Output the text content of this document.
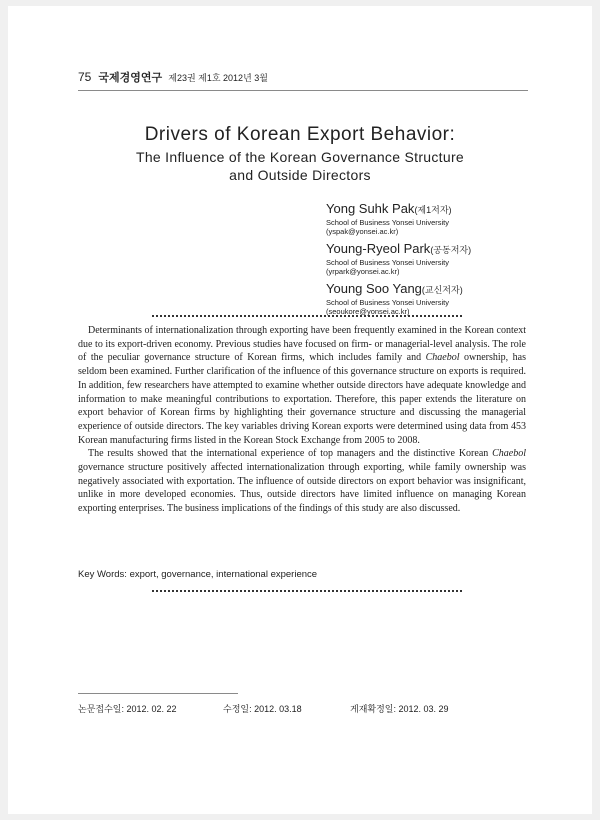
75 국제경영연구 제23권 제1호 2012년 3월
Drivers of Korean Export Behavior:
The Influence of the Korean Governance Structure
and Outside Directors
Yong Suhk Pak(제1저자)
School of Business Yonsei University
(yspak@yonsei.ac.kr)
Young-Ryeol Park(공동저자)
School of Business Yonsei University
(yrpark@yonsei.ac.kr)
Young Soo Yang(교신저자)
School of Business Yonsei University
(seoukore@yonsei.ac.kr)

Determinants of internationalization through exporting have been frequently examined in the Korean context due to its export-driven economy. Previous studies have focused on firm- or managerial-level analysis. The role of the peculiar governance structure of Korean firms, which includes family and Chaebol ownership, has seldom been examined. Further clarification of the influence of this governance structure on exports is required. In addition, few researchers have attempted to examine whether outside directors have adequate knowledge and information to make meaningful contributions to exportation. Therefore, this paper extends the literature on export behavior of Korean firms by highlighting their governance structure and discussing the managerial experience of outside directors. The key variables driving Korean exports were determined using data from 453 Korean manufacturing firms listed in the Korean Stock Exchange from 2005 to 2008.

The results showed that the international experience of top managers and the distinctive Korean Chaebol governance structure positively affected internationalization through exporting, while family ownership was negatively associated with exportation. The influence of outside directors on export behavior was insignificant, unlike in more developed economies. Thus, outside directors have limited influence on managing Korean exporting enterprises. The business implications of the findings of this study are also discussed.

Key Words: export, governance, international experience
논문접수일: 2012. 02. 22	수정일: 2012. 03.18	게재확정일: 2012. 03. 29
